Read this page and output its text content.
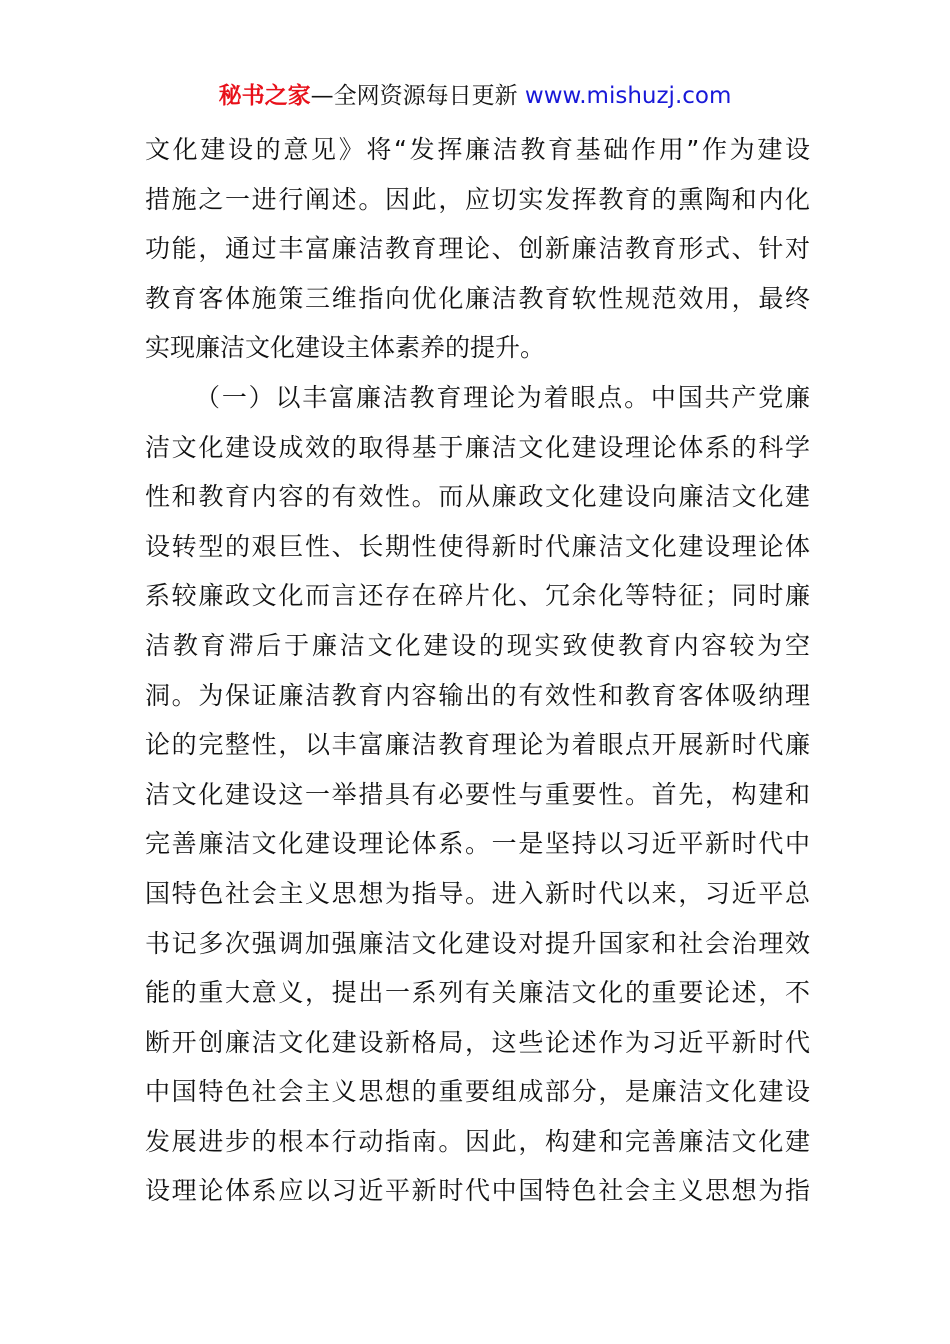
秘书之家—全网资源每日更新 www.mishuzj.com
文化建设的意见》将“发挥廉洁教育基础作用”作为建设
措施之一进行阐述。因此，应切实发挥教育的熏陶和内化
功能，通过丰富廉洁教育理论、创新廉洁教育形式、针对
教育客体施策三维指向优化廉洁教育软性规范效用，最终
实现廉洁文化建设主体素养的提升。
（一）以丰富廉洁教育理论为着眼点。中国共产党廉
洁文化建设成效的取得基于廉洁文化建设理论体系的科学
性和教育内容的有效性。而从廉政文化建设向廉洁文化建
设转型的艰巨性、长期性使得新时代廉洁文化建设理论体
系较廉政文化而言还存在碎片化、冗余化等特征；同时廉
洁教育滞后于廉洁文化建设的现实致使教育内容较为空
洞。为保证廉洁教育内容输出的有效性和教育客体吸纳理
论的完整性，以丰富廉洁教育理论为着眼点开展新时代廉
洁文化建设这一举措具有必要性与重要性。首先，构建和
完善廉洁文化建设理论体系。一是坚持以习近平新时代中
国特色社会主义思想为指导。进入新时代以来，习近平总
书记多次强调加强廉洁文化建设对提升国家和社会治理效
能的重大意义，提出一系列有关廉洁文化的重要论述，不
断开创廉洁文化建设新格局，这些论述作为习近平新时代
中国特色社会主义思想的重要组成部分，是廉洁文化建设
发展进步的根本行动指南。因此，构建和完善廉洁文化建
设理论体系应以习近平新时代中国特色社会主义思想为指
